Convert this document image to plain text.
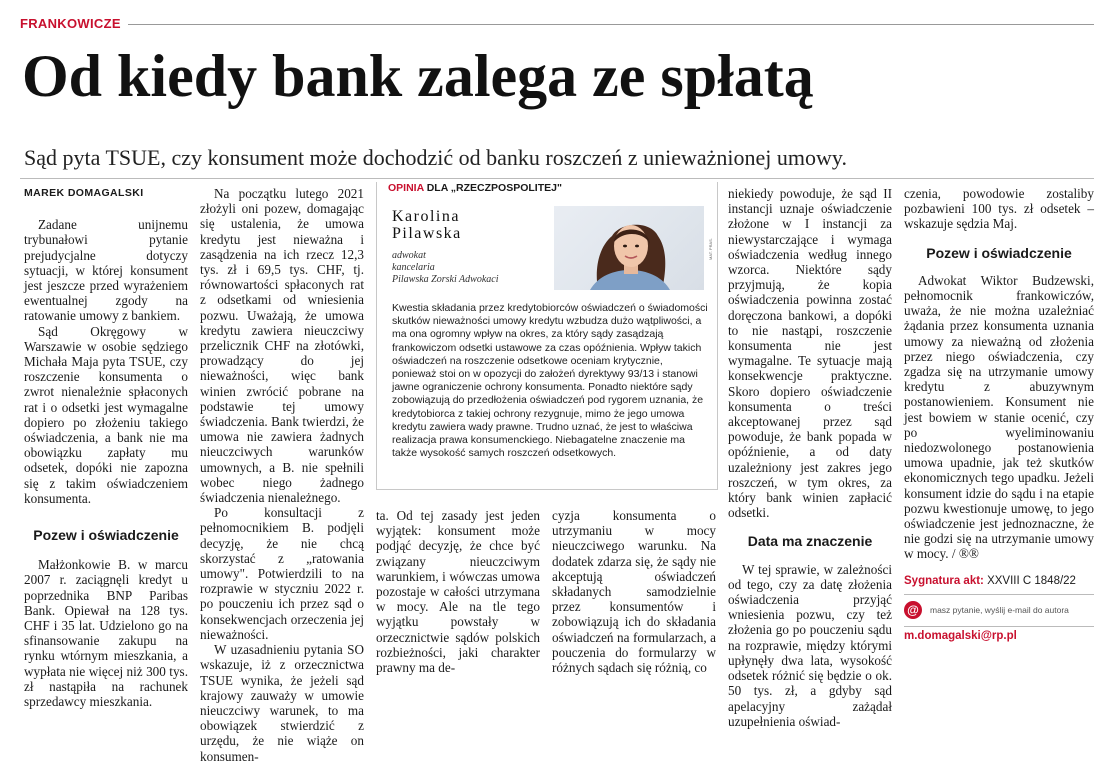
FRANKOWICZE
Od kiedy bank zalega ze spłatą
Sąd pyta TSUE, czy konsument może dochodzić od banku roszczeń z unieważnionej umowy.

MAREK DOMAGALSKI

Zadane unijnemu trybunałowi pytanie prejudycjalne dotyczy sytuacji, w której konsument jest jeszcze przed wyrażeniem ewentualnej zgody na ratowanie umowy z bankiem.

Sąd Okręgowy w Warszawie w osobie sędziego Michała Maja pyta TSUE, czy roszczenie konsumenta o zwrot nienależnie spłaconych rat i o odsetki jest wymagalne dopiero po złożeniu takiego oświadczenia, a bank nie ma obowiązku zapłaty mu odsetek, dopóki nie zapozna się z takim oświadczeniem konsumenta.

Pozew i oświadczenie

Małżonkowie B. w marcu 2007 r. zaciągnęli kredyt u poprzednika BNP Paribas Bank. Opiewał na 128 tys. CHF i 35 lat. Udzielono go na sfinansowanie zakupu na rynku wtórnym mieszkania, a wypłata nie więcej niż 300 tys. zł nastąpiła na rachunek sprzedawcy mieszkania.

Na początku lutego 2021 złożyli oni pozew, domagając się ustalenia, że umowa kredytu jest nieważna i zasądzenia na ich rzecz 12,3 tys. zł i 69,5 tys. CHF, tj. równowartości spłaconych rat z odsetkami od wniesienia pozwu. Uważają, że umowa kredytu zawiera nieuczciwy przelicznik CHF na złotówki, prowadzący do jej nieważności, więc bank winien zwrócić pobrane na podstawie tej umowy świadczenia. Bank twierdzi, że umowa nie zawiera żadnych nieuczciwych warunków umownych, a B. nie spełnili wobec niego żadnego świadczenia nienależnego.

Po konsultacji z pełnomocnikiem B. podjęli decyzję, że nie chcą skorzystać z „ratowania umowy". Potwierdzili to na rozprawie w styczniu 2022 r. po pouczeniu ich przez sąd o konsekwencjach orzeczenia jej nieważności.

W uzasadnieniu pytania SO wskazuje, iż z orzecznictwa TSUE wynika, że jeżeli sąd krajowy zauważy w umowie nieuczciwy warunek, to ma obowiązek stwierdzić z urzędu, że nie wiąże on konsumen-

OPINIA DLA „RZECZPOSPOLITEJ"
Karolina
Pilawska
adwokat
kancelaria
Pilawska Zorski Adwokaci
MAT. PRAS.

Kwestia składania przez kredytobiorców oświadczeń o świadomości skutków nieważności umowy kredytu wzbudza dużo wątpliwości, a ma ona ogromny wpływ na okres, za który sądy zasądzają frankowiczom odsetki ustawowe za czas opóźnienia. Wpływ takich oświadczeń na roszczenie odsetkowe oceniam krytycznie, ponieważ stoi on w opozycji do założeń dyrektywy 93/13 i stanowi jawne ograniczenie ochrony konsumenta. Ponadto niektóre sądy zobowiązują do przedłożenia oświadczeń pod rygorem uznania, że kredytobiorca z takiej ochrony rezygnuje, mimo że jego umowa kredytu zawiera wady prawne. Trudno uznać, że jest to właściwa realizacja prawa konsumenckiego. Niebagatelne znaczenie ma także wysokość samych roszczeń odsetkowych.

ta. Od tej zasady jest jeden wyjątek: konsument może podjąć decyzję, że chce być związany nieuczciwym warunkiem, i wówczas umowa pozostaje w całości utrzymana w mocy. Ale na tle tego wyjątku powstały w orzecznictwie sądów polskich rozbieżności, jaki charakter prawny ma de-

cyzja konsumenta o utrzymaniu w mocy nieuczciwego warunku. Na dodatek zdarza się, że sądy nie akceptują oświadczeń składanych samodzielnie przez konsumentów i zobowiązują ich do składania oświadczeń na formularzach, a pouczenia do formularzy w różnych sądach się różnią, co

niekiedy powoduje, że sąd II instancji uznaje oświadczenie złożone w I instancji za niewystarczające i wymaga oświadczenia według innego wzorca. Niektóre sądy przyjmują, że kopia oświadczenia powinna zostać doręczona bankowi, a dopóki to nie nastąpi, roszczenie konsumenta nie jest wymagalne. Te sytuacje mają konsekwencje praktyczne. Skoro dopiero oświadczenie konsumenta o treści akceptowanej przez sąd powoduje, że bank popada w opóźnienie, a od daty uzależniony jest zakres jego roszczeń, w tym okres, za który bank winien zapłacić odsetki.

Data ma znaczenie

W tej sprawie, w zależności od tego, czy za datę złożenia oświadczenia przyjąć wniesienia pozwu, czy też złożenia go po pouczeniu sądu na rozprawie, między którymi upłynęły dwa lata, wysokość odsetek różnić się będzie o ok. 50 tys. zł, a gdyby sąd apelacyjny zażądał uzupełnienia oświad-

czenia, powodowie zostaliby pozbawieni 100 tys. zł odsetek – wskazuje sędzia Maj.

Pozew i oświadczenie

Adwokat Wiktor Budzewski, pełnomocnik frankowiczów, uważa, że nie można uzależniać żądania przez konsumenta uznania umowy za nieważną od złożenia przez niego oświadczenia, czy zgadza się na utrzymanie umowy kredytu z abuzywnym postanowieniem. Konsument nie jest bowiem w stanie ocenić, czy po wyeliminowaniu niedozwolonego postanowienia umowa upadnie, jak też skutków ekonomicznych tego upadku. Jeżeli konsument idzie do sądu i na etapie pozwu kwestionuje umowę, to jego oświadczenie jest jednoznaczne, że nie godzi się na utrzymanie umowy w mocy. / ®®

Sygnatura akt: XXVIII C 1848/22

@	masz pytanie, wyślij e-mail do autora
m.domagalski@rp.pl
